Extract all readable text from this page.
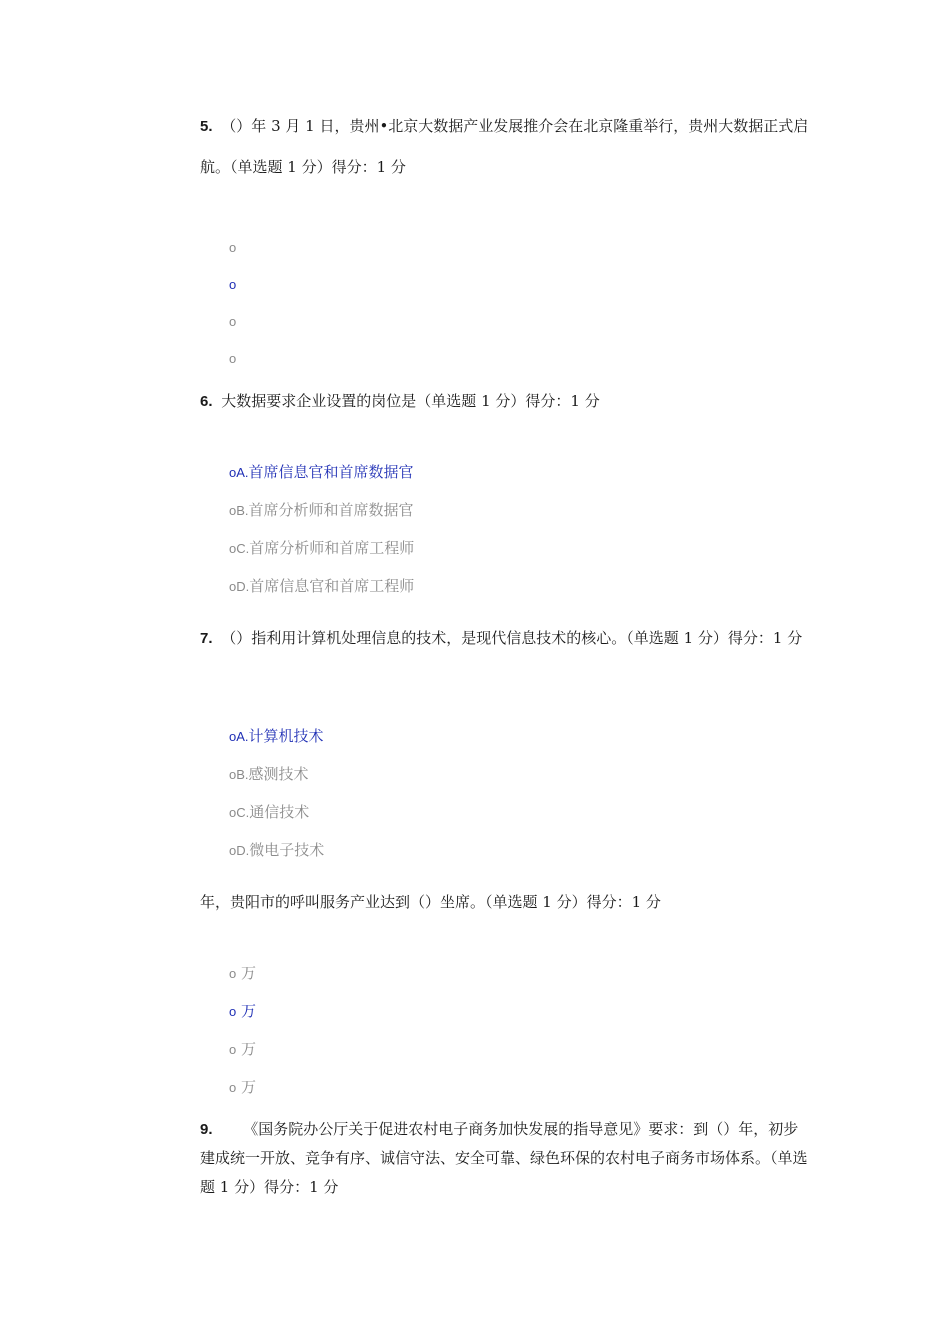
5. （）年 3 月 1 日，贵州•北京大数据产业发展推介会在北京隆重举行，贵州大数据正式启航。（单选题 1 分）得分：1 分
o
o
o
o
6. 大数据要求企业设置的岗位是（单选题 1 分）得分：1 分
oA.首席信息官和首席数据官
oB.首席分析师和首席数据官
oC.首席分析师和首席工程师
oD.首席信息官和首席工程师
7. （）指利用计算机处理信息的技术，是现代信息技术的核心。（单选题 1 分）得分：1 分
oA.计算机技术
oB.感测技术
oC.通信技术
oD.微电子技术
年，贵阳市的呼叫服务产业达到（）坐席。（单选题 1 分）得分：1 分
o 万
o 万
o 万
o 万
9. 《国务院办公厅关于促进农村电子商务加快发展的指导意见》要求：到（）年，初步建成统一开放、竞争有序、诚信守法、安全可靠、绿色环保的农村电子商务市场体系。（单选题 1 分）得分：1 分
